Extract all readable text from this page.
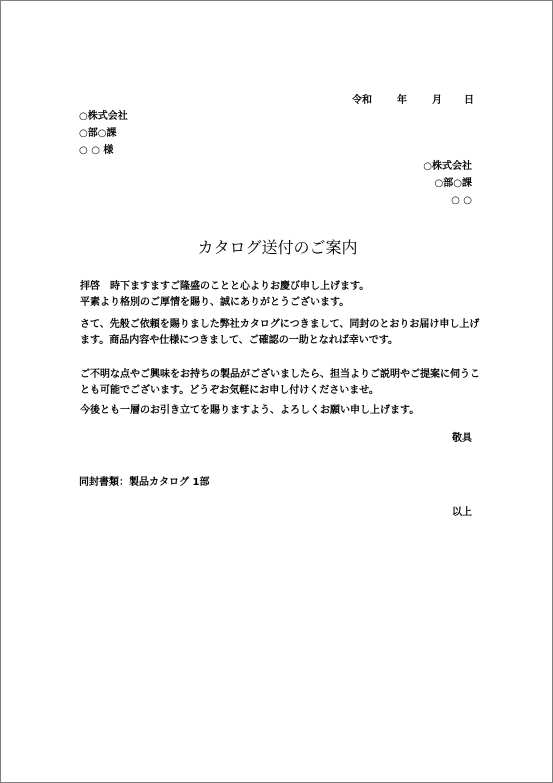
令和	年	月 日
○株式会社
○部○課
○ ○ 様
○株式会社
○部○課
○ ○
カタログ送付のご案内
拝啓　時下ますますご隆盛のことと心よりお慶び申し上げます。
平素より格別のご厚情を賜り、誠にありがとうございます。
さて、先般ご依頼を賜りました弊社カタログにつきまして、同封のとおりお届け申し上げます。商品内容や仕様につきまして、ご確認の一助となれば幸いです。
ご不明な点やご興味をお持ちの製品がございましたら、担当よりご説明やご提案に伺うことも可能でございます。どうぞお気軽にお申し付けくださいませ。
今後とも一層のお引き立てを賜りますよう、よろしくお願い申し上げます。
敬具
同封書類：製品カタログ 1部
以上
